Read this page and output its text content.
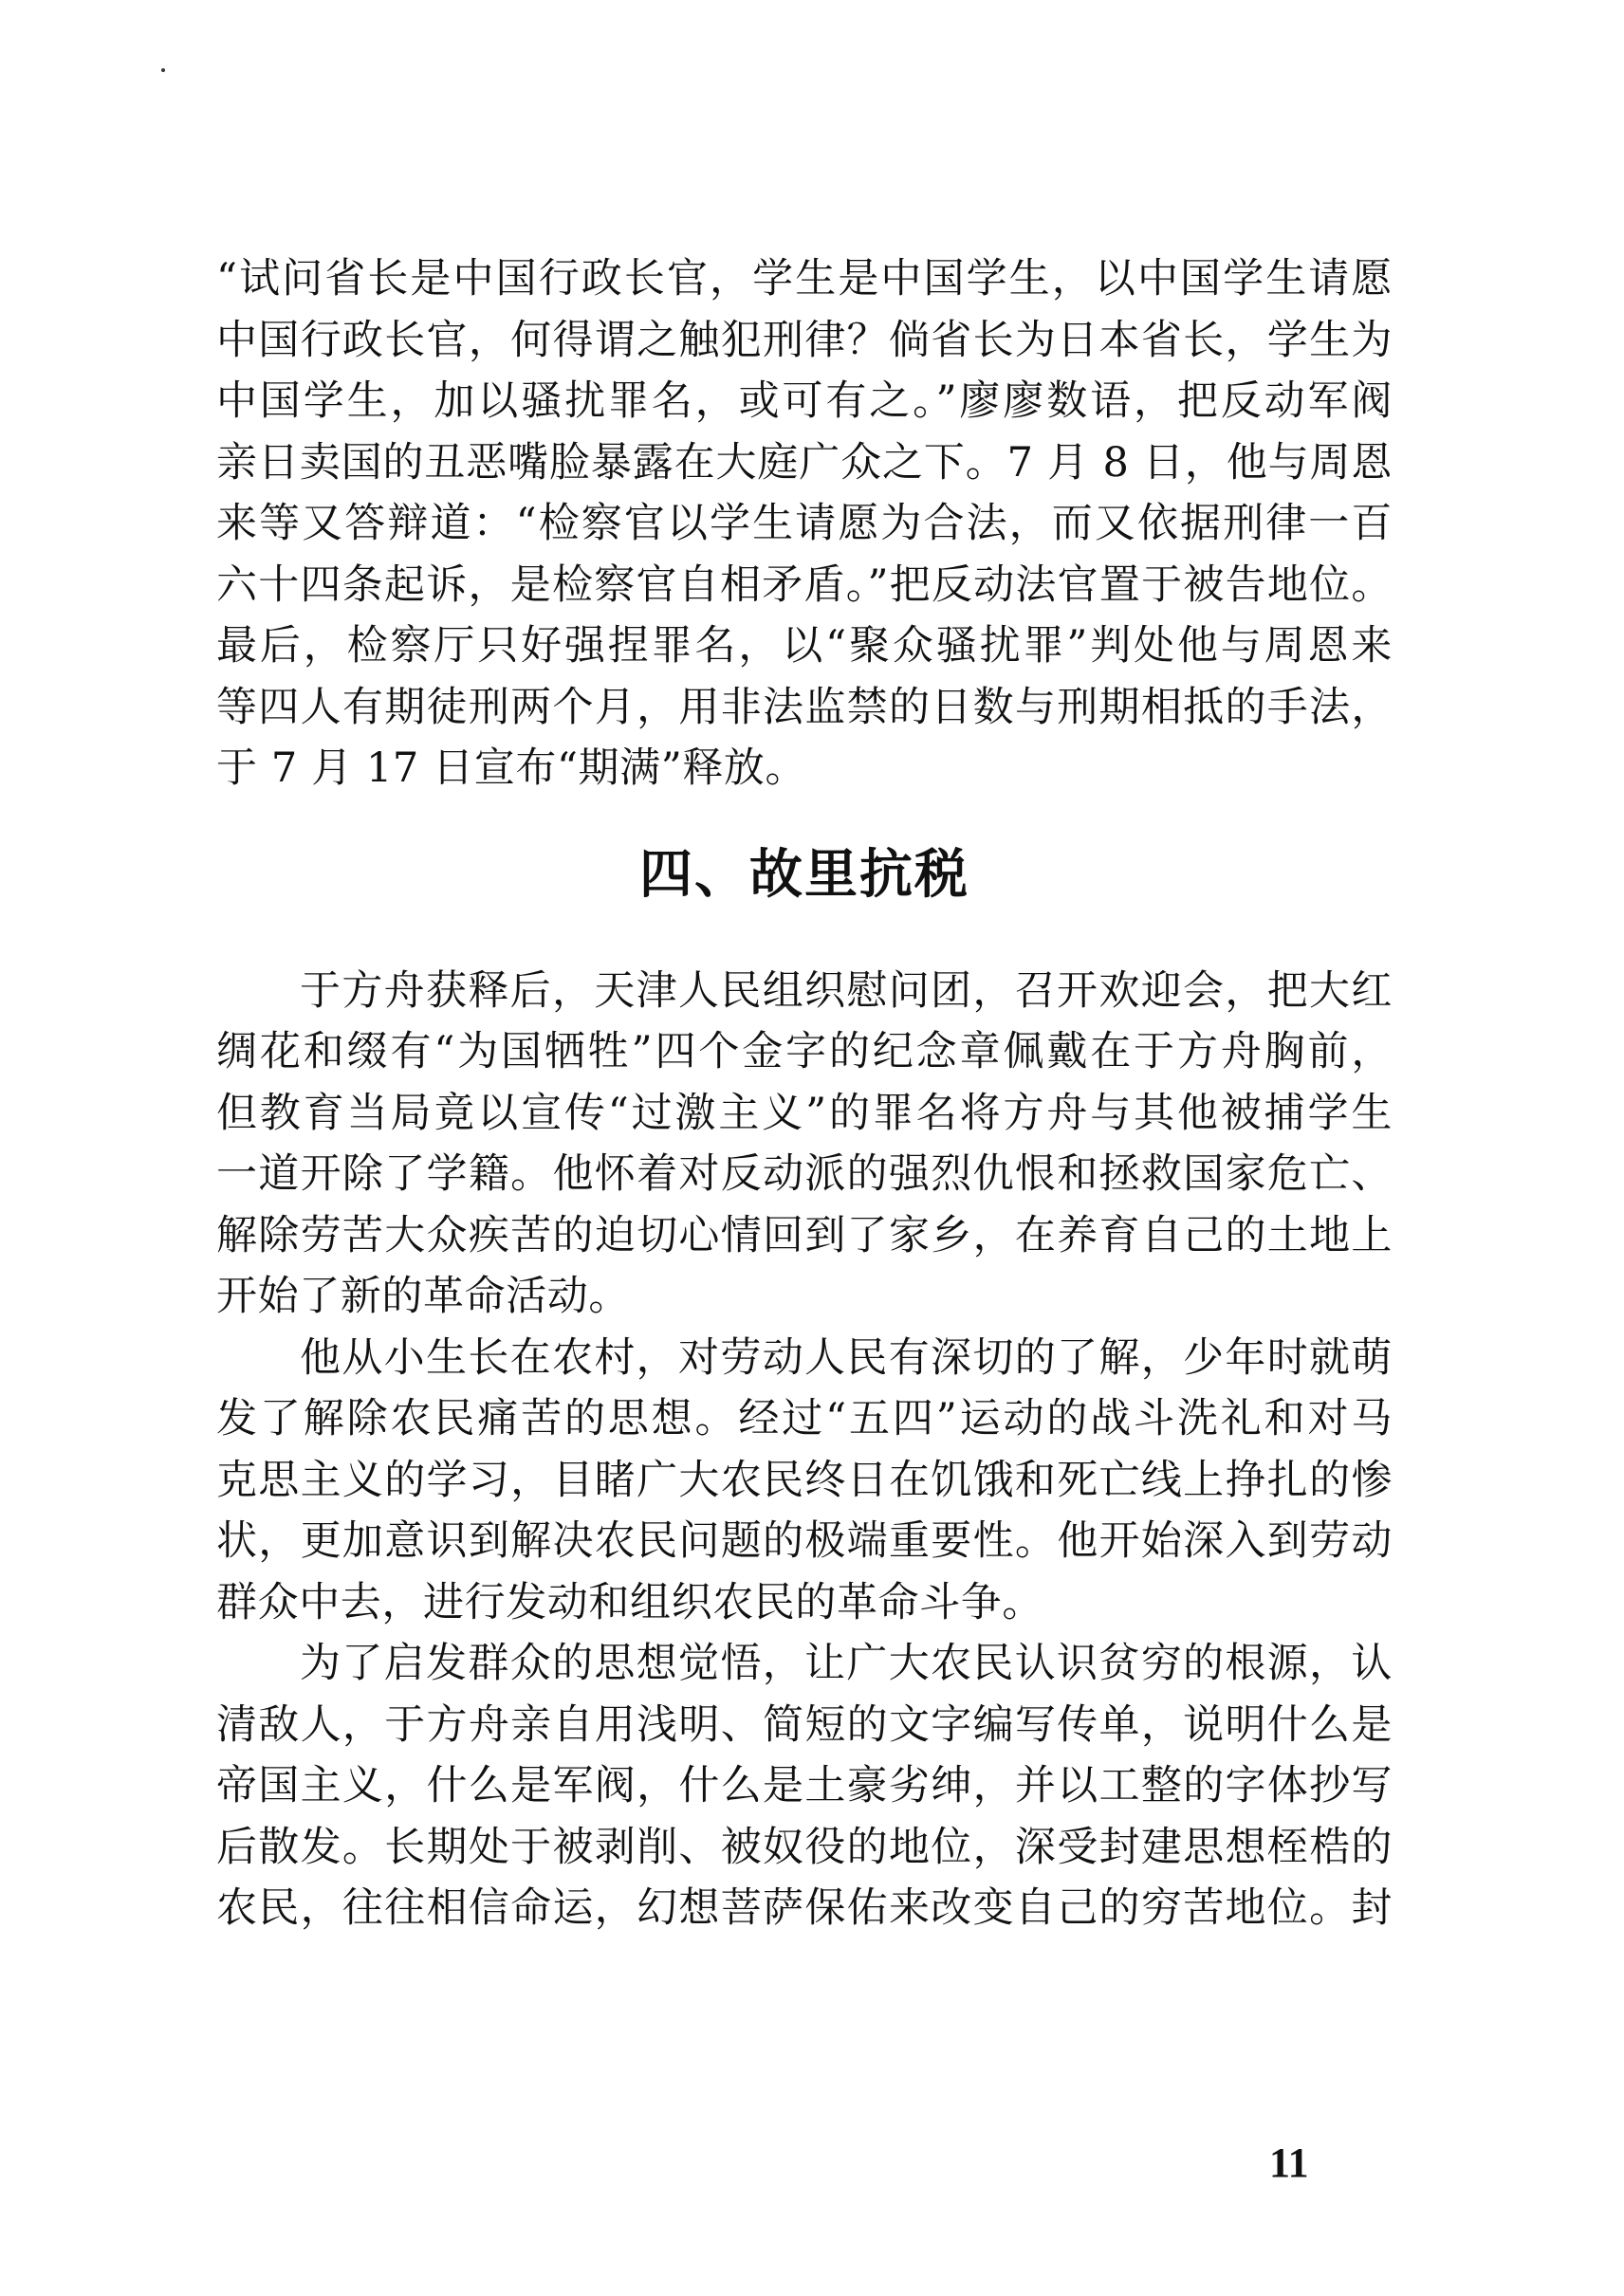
“试问省长是中国行政长官，学生是中国学生，以中国学生请愿
中国行政长官，何得谓之触犯刑律？倘省长为日本省长，学生为
中国学生，加以骚扰罪名，或可有之。”廖廖数语，把反动军阀
亲日卖国的丑恶嘴脸暴露在大庭广众之下。7 月 8 日，他与周恩
来等又答辩道：“检察官以学生请愿为合法，而又依据刑律一百
六十四条起诉，是检察官自相矛盾。”把反动法官置于被告地位。
最后，检察厅只好强捏罪名，以“聚众骚扰罪”判处他与周恩来
等四人有期徒刑两个月，用非法监禁的日数与刑期相抵的手法，
于 7 月 17 日宣布“期满”释放。
四、故里抗税
于方舟获释后，天津人民组织慰问团，召开欢迎会，把大红
绸花和缀有“为国牺牲”四个金字的纪念章佩戴在于方舟胸前，
但教育当局竟以宣传“过激主义”的罪名将方舟与其他被捕学生
一道开除了学籍。他怀着对反动派的强烈仇恨和拯救国家危亡、
解除劳苦大众疾苦的迫切心情回到了家乡，在养育自己的土地上
开始了新的革命活动。
他从小生长在农村，对劳动人民有深切的了解，少年时就萌
发了解除农民痛苦的思想。经过“五四”运动的战斗洗礼和对马
克思主义的学习，目睹广大农民终日在饥饿和死亡线上挣扎的惨
状，更加意识到解决农民问题的极端重要性。他开始深入到劳动
群众中去，进行发动和组织农民的革命斗争。
为了启发群众的思想觉悟，让广大农民认识贫穷的根源，认
清敌人，于方舟亲自用浅明、简短的文字编写传单，说明什么是
帝国主义，什么是军阀，什么是土豪劣绅，并以工整的字体抄写
后散发。长期处于被剥削、被奴役的地位，深受封建思想桎梏的
农民，往往相信命运，幻想菩萨保佑来改变自己的穷苦地位。封
11
